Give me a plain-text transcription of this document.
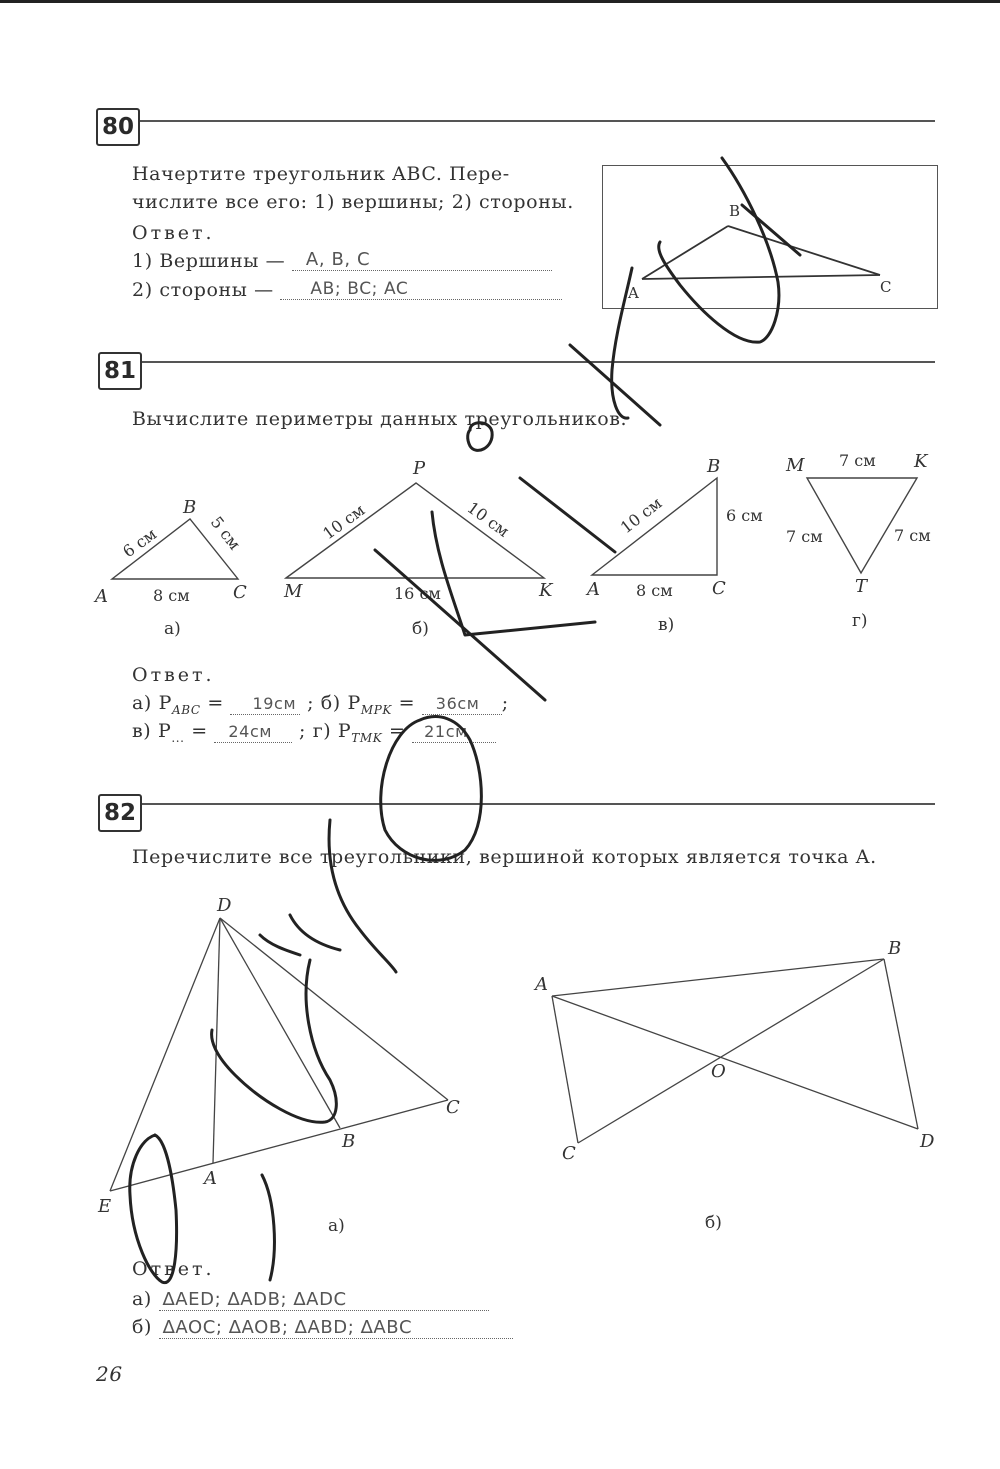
80
Начертите треугольник ABC. Пере-
числите все его: 1) вершины; 2) стороны.
Ответ.
1) Вершины — A, B, C
2) стороны — AB; BC; AC	A
B
C
81
Вычислите периметры данных треугольников.
A
B
C
6 см	5 см
8 см
а)
M
P
K
10 см	10 см
16 см
б)
A
B
C
10 см	6 см
8 см
в)
M	K
T
7 см
7 см	7 см
г)
Ответ.
а) $P_{ABC} = 19см$ ; б) $P_{MPK} = 36см$ ;
в) $P_{...} = 24см$ ; г) $P_{TMK} = 21см$
82
Перечислите все треугольники, вершиной которых является точка A.
D
E
A
B
C
а)
A
B
C
D
O
б)
Ответ.
а) ∆AED; ∆ADB; ∆ADC
б) ∆AOC; ∆AOB; ∆ABD; ∆ABC
26
